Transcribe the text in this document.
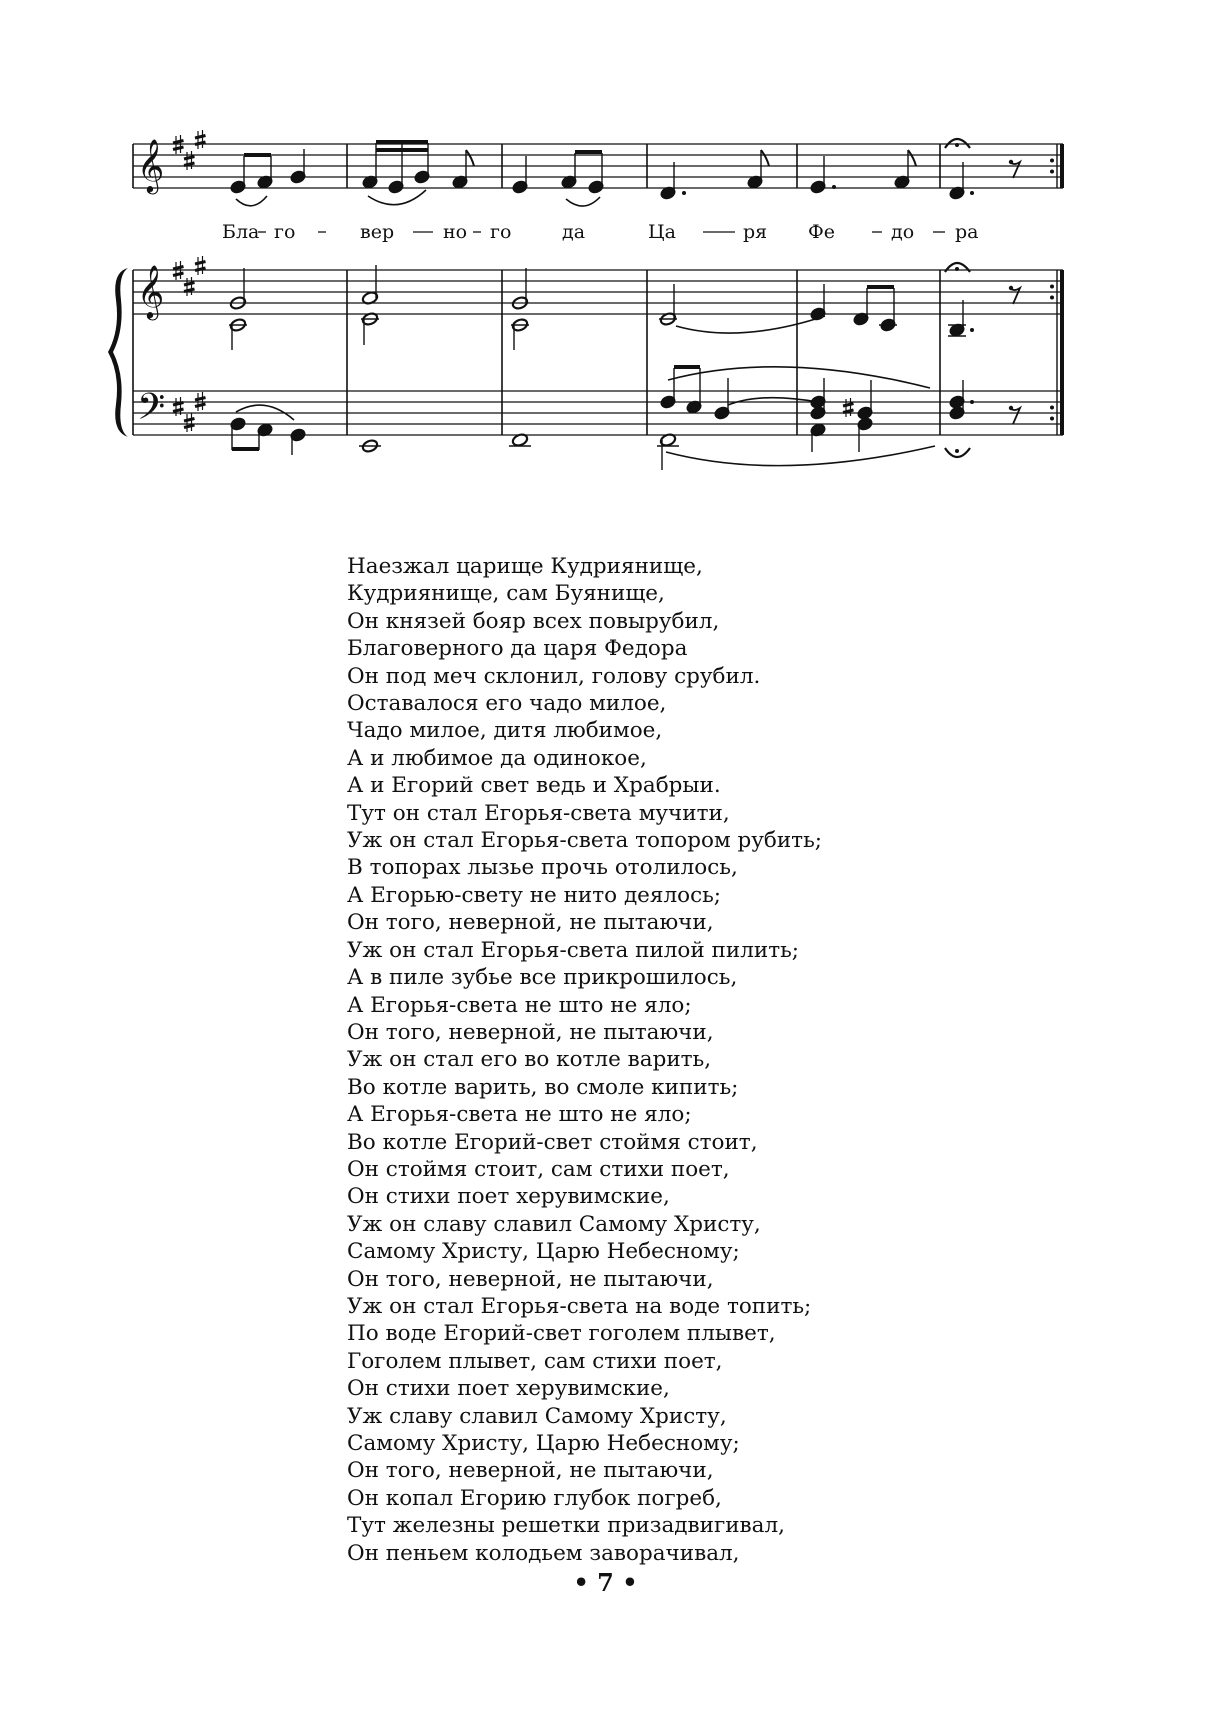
𝄞
Бла го	вер	но го	да	Ца	ря Фе	до ра
𝄞
𝄢
Наезжал царище Кудриянище,
Кудриянище, сам Буянище,
Он князей бояр всех повырубил,
Благоверного да царя Федора
Он под меч склонил, голову срубил.
Оставалося его чадо милое,
Чадо милое, дитя любимое,
А и любимое да одинокое,
А и Егорий свет ведь и Храбрыи.
Тут он стал Егорья-света мучити,
Уж он стал Егорья-света топором рубить;
В топорах лызье прочь отолилось,
А Егорью-свету не нито деялось;
Он того, неверной, не пытаючи,
Уж он стал Егорья-света пилой пилить;
А в пиле зубье все прикрошилось,
А Егорья-света не што не яло;
Он того, неверной, не пытаючи,
Уж он стал его во котле варить,
Во котле варить, во смоле кипить;
А Егорья-света не што не яло;
Во котле Егорий-свет стоймя стоит,
Он стоймя стоит, сам стихи поет,
Он стихи поет херувимские,
Уж он славу славил Самому Христу,
Самому Христу, Царю Небесному;
Он того, неверной, не пытаючи,
Уж он стал Егорья-света на воде топить;
По воде Егорий-свет гоголем плывет,
Гоголем плывет, сам стихи поет,
Он стихи поет херувимские,
Уж славу славил Самому Христу,
Самому Христу, Царю Небесному;
Он того, неверной, не пытаючи,
Он копал Егорию глубок погреб,
Тут железны решетки призадвигивал,
Он пеньем колодьем заворачивал,
• 7 •
